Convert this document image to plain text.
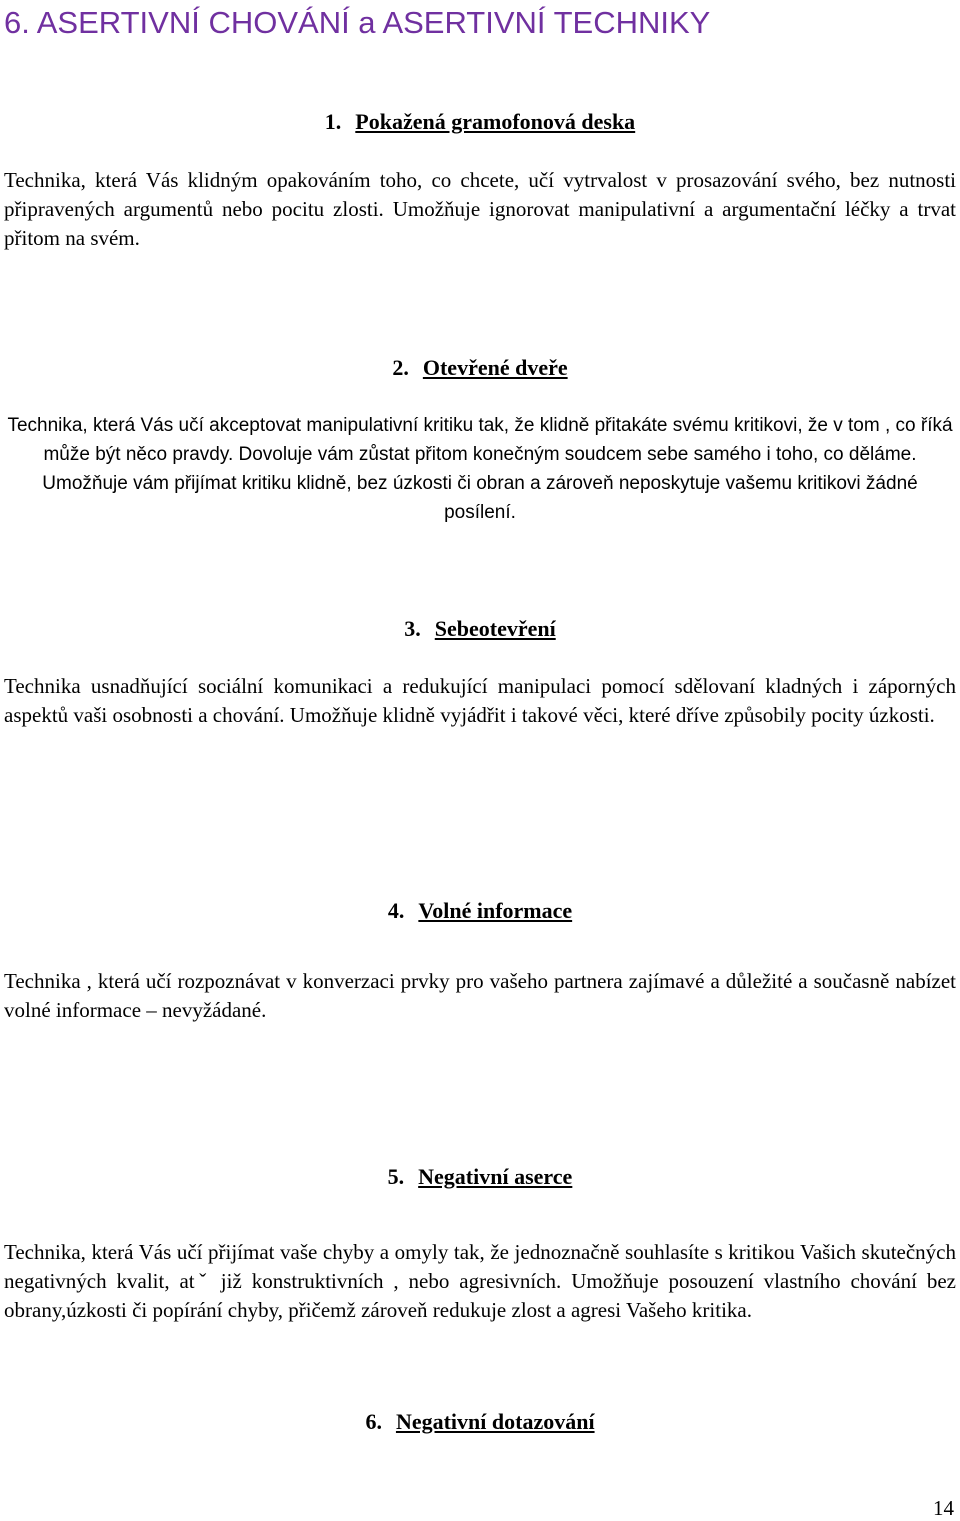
6. ASERTIVNÍ CHOVÁNÍ a ASERTIVNÍ TECHNIKY
1. Pokažená gramofonová deska

Technika, která Vás klidným opakováním toho, co chcete, učí vytrvalost v prosazování svého, bez nutnosti připravených argumentů nebo pocitu zlosti. Umožňuje ignorovat manipulativní a argumentační léčky a trvat přitom na svém.

2. Otevřené dveře

Technika, která Vás učí akceptovat manipulativní kritiku tak, že klidně přitakáte svému kritikovi, že v tom , co říká může být něco pravdy. Dovoluje vám zůstat přitom konečným soudcem sebe samého i toho, co děláme. Umožňuje vám přijímat kritiku klidně, bez úzkosti či obran a zároveň neposkytuje vašemu kritikovi žádné posílení.

3. Sebeotevření

Technika usnadňující sociální komunikaci a redukující manipulaci pomocí sdělovaní kladných i záporných aspektů vaši osobnosti a chování. Umožňuje klidně vyjádřit i takové věci, které dříve způsobily pocity úzkosti.

4. Volné informace

Technika , která učí rozpoznávat v konverzaci prvky pro vašeho partnera zajímavé a důležité a současně nabízet volné informace – nevyžádané.

5. Negativní aserce

Technika, která Vás učí přijímat vaše chyby a omyly tak, že jednoznačně souhlasíte s kritikou Vašich skutečných negativných kvalit, atˇ již konstruktivních , nebo agresivních. Umožňuje posouzení vlastního chování bez obrany,úzkosti či popírání chyby, přičemž zároveň redukuje zlost a agresi Vašeho kritika.

6. Negativní dotazování
14
